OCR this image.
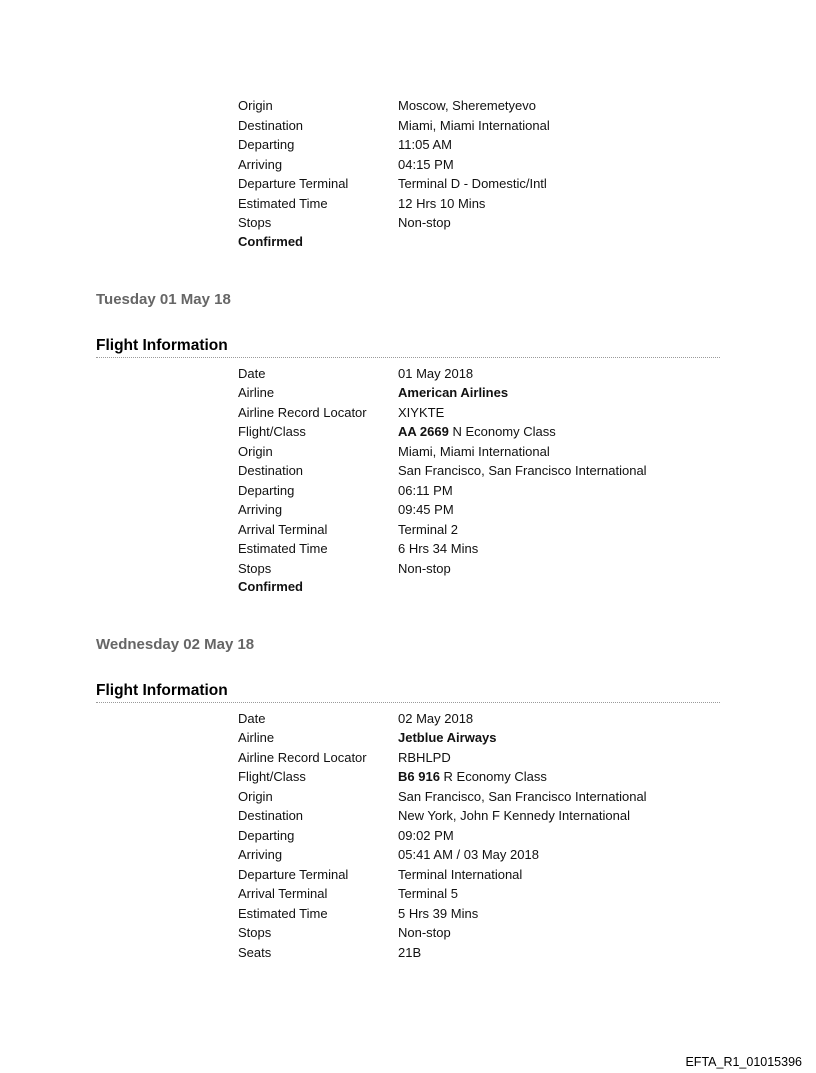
Origin	Moscow, Sheremetyevo
Destination	Miami, Miami International
Departing	11:05 AM
Arriving	04:15 PM
Departure Terminal	Terminal D - Domestic/Intl
Estimated Time	12 Hrs 10 Mins
Stops	Non-stop
Confirmed
Tuesday 01 May 18
Flight Information
Date	01 May 2018
Airline	American Airlines
Airline Record Locator XIYKTE
Flight/Class	AA 2669 N Economy Class
Origin	Miami, Miami International
Destination	San Francisco, San Francisco International
Departing	06:11 PM
Arriving	09:45 PM
Arrival Terminal	Terminal 2
Estimated Time	6 Hrs 34 Mins
Stops	Non-stop
Confirmed
Wednesday 02 May 18
Flight Information
Date	02 May 2018
Airline	Jetblue Airways
Airline Record Locator RBHLPD
Flight/Class	B6 916 R Economy Class
Origin	San Francisco, San Francisco International
Destination	New York, John F Kennedy International
Departing	09:02 PM
Arriving	05:41 AM / 03 May 2018
Departure Terminal	Terminal International
Arrival Terminal	Terminal 5
Estimated Time	5 Hrs 39 Mins
Stops	Non-stop
Seats	21B
EFTA_R1_01015396
